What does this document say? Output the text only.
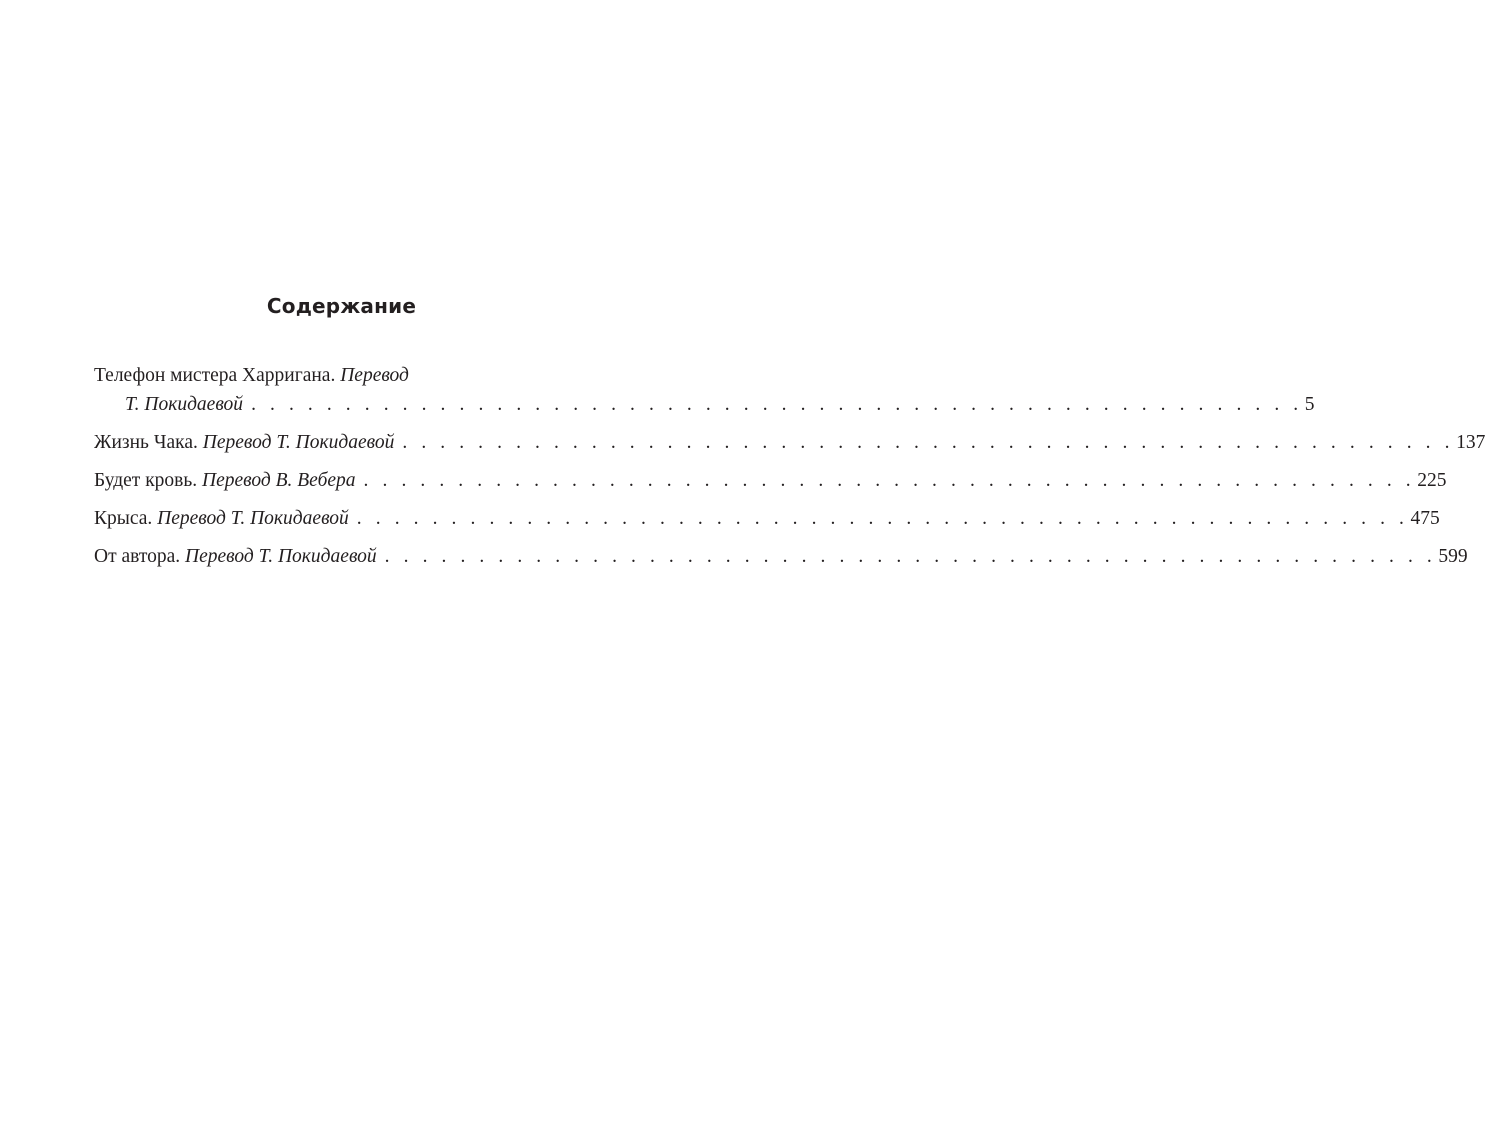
Содержание
Телефон мистера Харригана.
Перевод
Т. Покидаевой . . . . . . . . . . . . . . . . . . . . . . . . . . . . . . . . . . . . . . . . . . . . . . . . . . . . . . . . 5
Жизнь Чака.
Перевод Т. Покидаевой . . . . . . . . . . . . . . . . . . . . . . . . . . . . . . . . . . . . . . . . . . . . . . . . . . . . . . . . 137
Будет кровь.
Перевод В. Вебера . . . . . . . . . . . . . . . . . . . . . . . . . . . . . . . . . . . . . . . . . . . . . . . . . . . . . . . . 225
Крыса.
Перевод Т. Покидаевой . . . . . . . . . . . . . . . . . . . . . . . . . . . . . . . . . . . . . . . . . . . . . . . . . . . . . . . . 475
От автора.
Перевод Т. Покидаевой . . . . . . . . . . . . . . . . . . . . . . . . . . . . . . . . . . . . . . . . . . . . . . . . . . . . . . . . 599
